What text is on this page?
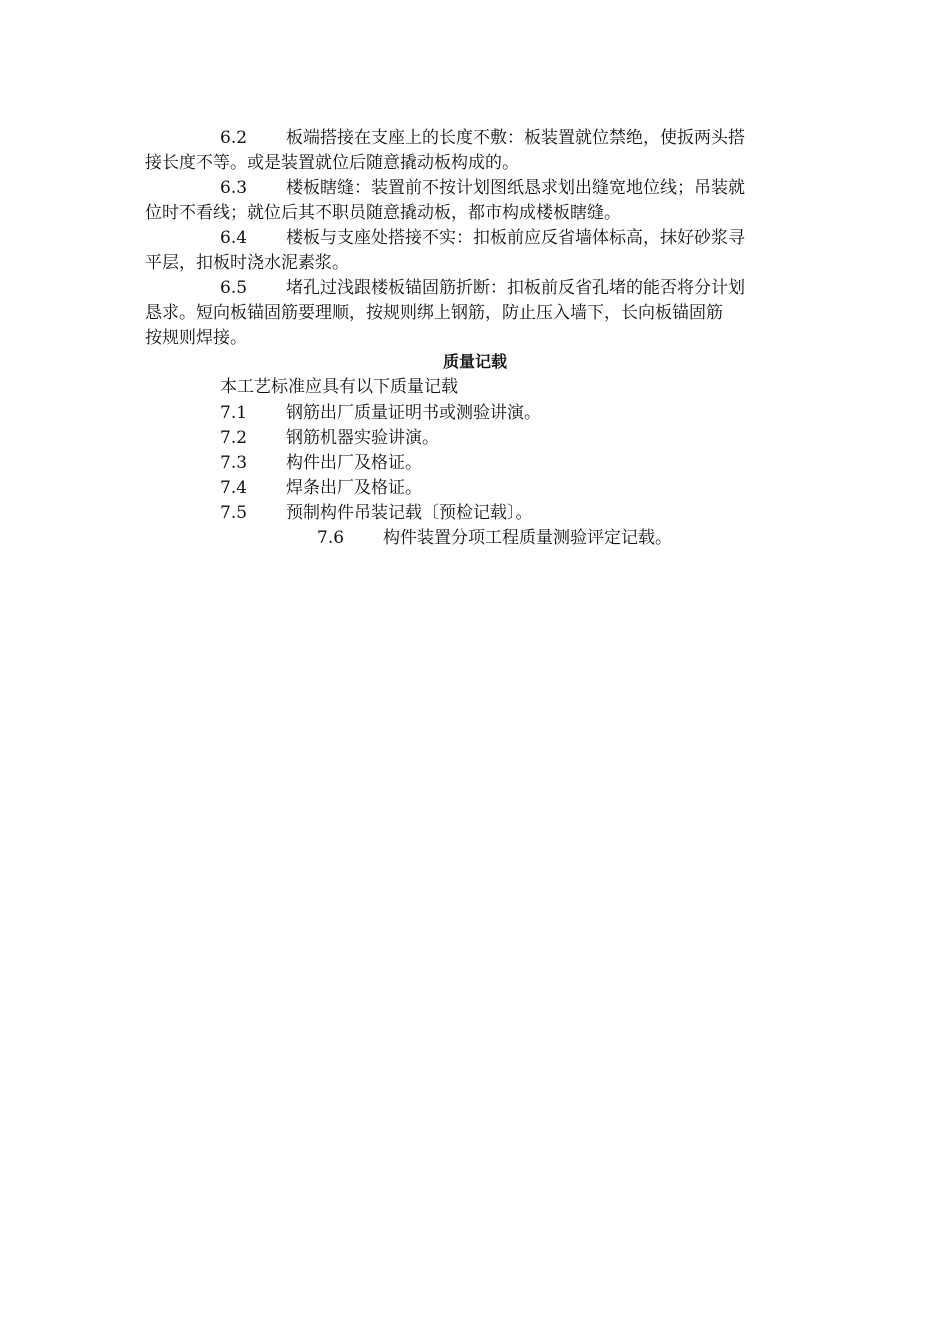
6.2 板端搭接在支座上的长度不敷：板装置就位禁绝，使扳两头搭
接长度不等。或是装置就位后随意撬动板构成的。
6.3 楼板瞎缝：装置前不按计划图纸恳求划出缝宽地位线；吊装就
位时不看线；就位后其不职员随意撬动板，都市构成楼板瞎缝。
6.4 楼板与支座处搭接不实：扣板前应反省墙体标高，抹好砂浆寻
平层，扣板时浇水泥素浆。
6.5 堵孔过浅跟楼板锚固筋折断：扣板前反省孔堵的能否将分计划
恳求。短向板锚固筋要理顺，按规则绑上钢筋，防止压入墙下，长向板锚固筋
按规则焊接。
质量记载
本工艺标准应具有以下质量记载
7.1 钢筋出厂质量证明书或测验讲演。
7.2 钢筋机器实验讲演。
7.3 构件出厂及格证。
7.4 焊条出厂及格证。
7.5 预制构件吊装记载〔预检记载〕。
7.6 构件装置分项工程质量测验评定记载。
